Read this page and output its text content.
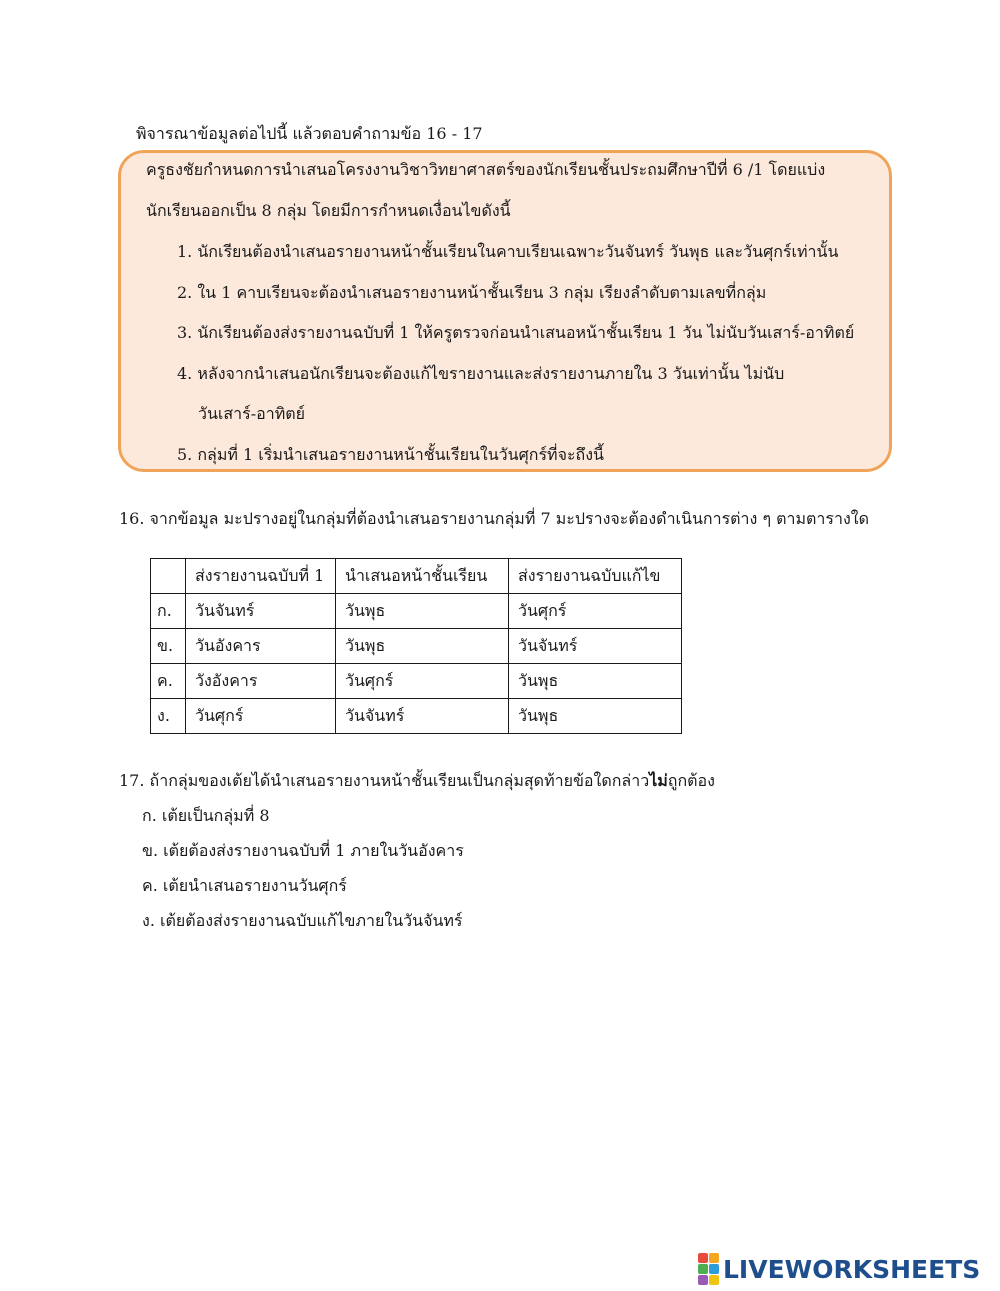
พิจารณาข้อมูลต่อไปนี้ แล้วตอบคำถามข้อ 16 - 17
ครูธงชัยกำหนดการนำเสนอโครงงานวิชาวิทยาศาสตร์ของนักเรียนชั้นประถมศึกษาปีที่ 6 /1 โดยแบ่ง
นักเรียนออกเป็น 8 กลุ่ม โดยมีการกำหนดเงื่อนไขดังนี้
1. นักเรียนต้องนำเสนอรายงานหน้าชั้นเรียนในคาบเรียนเฉพาะวันจันทร์ วันพุธ และวันศุกร์เท่านั้น
2. ใน 1 คาบเรียนจะต้องนำเสนอรายงานหน้าชั้นเรียน 3 กลุ่ม เรียงลำดับตามเลขที่กลุ่ม
3. นักเรียนต้องส่งรายงานฉบับที่ 1 ให้ครูตรวจก่อนนำเสนอหน้าชั้นเรียน 1 วัน ไม่นับวันเสาร์-อาทิตย์
4. หลังจากนำเสนอนักเรียนจะต้องแก้ไขรายงานและส่งรายงานภายใน 3 วันเท่านั้น ไม่นับ
วันเสาร์-อาทิตย์
5. กลุ่มที่ 1 เริ่มนำเสนอรายงานหน้าชั้นเรียนในวันศุกร์ที่จะถึงนี้
16. จากข้อมูล มะปรางอยู่ในกลุ่มที่ต้องนำเสนอรายงานกลุ่มที่ 7 มะปรางจะต้องดำเนินการต่าง ๆ ตามตารางใด
	ส่งรายงานฉบับที่ 1	นำเสนอหน้าชั้นเรียน	ส่งรายงานฉบับแก้ไข
ก.	วันจันทร์	วันพุธ	วันศุกร์
ข.	วันอังคาร	วันพุธ	วันจันทร์
ค.	วังอังคาร	วันศุกร์	วันพุธ
ง.	วันศุกร์	วันจันทร์	วันพุธ
17. ถ้ากลุ่มของเต้ยได้นำเสนอรายงานหน้าชั้นเรียนเป็นกลุ่มสุดท้ายข้อใดกล่าวไม่ถูกต้อง
ก. เต้ยเป็นกลุ่มที่ 8
ข. เต้ยต้องส่งรายงานฉบับที่ 1 ภายในวันอังคาร
ค. เต้ยนำเสนอรายงานวันศุกร์
ง. เต้ยต้องส่งรายงานฉบับแก้ไขภายในวันจันทร์
LIVEWORKSHEETS
